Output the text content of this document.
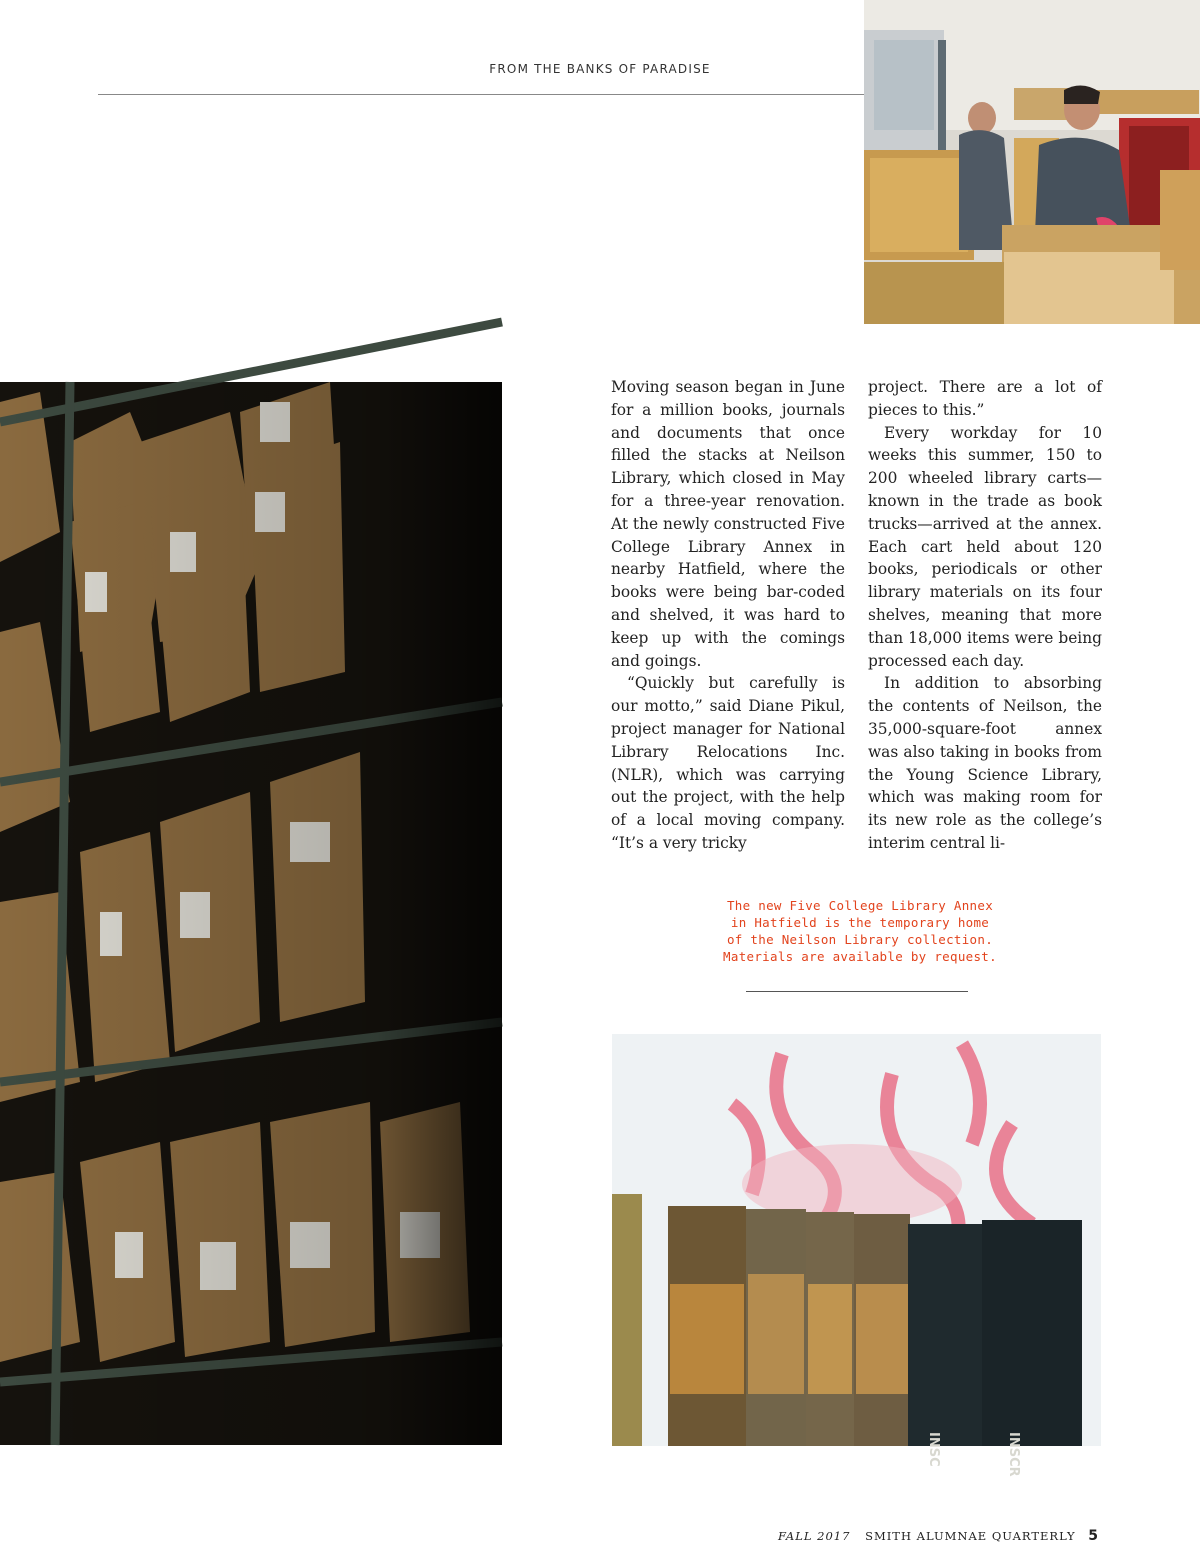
FROM THE BANKS OF PARADISE

Moving season began in June for a million books, journals and documents that once filled the stacks at Neilson Library, which closed in May for a three-year renovation. At the newly constructed Five College Library Annex in nearby Hatfield, where the books were being bar-coded and shelved, it was hard to keep up with the comings and goings.

“Quickly but carefully is our motto,” said Diane Pikul, project manager for National Library Relocations Inc. (NLR), which was carrying out the project, with the help of a local moving company. “It’s a very tricky

project. There are a lot of pieces to this.”

Every workday for 10 weeks this summer, 150 to 200 wheeled library carts—known in the trade as book trucks—arrived at the annex. Each cart held about 120 books, periodicals or other library materials on its four shelves, meaning that more than 18,000 items were being processed each day.

In addition to absorbing the contents of Neilson, the 35,000-square-foot annex was also taking in books from the Young Science Library, which was making room for its new role as the college’s interim central li-

The new Five College Library Annex
in Hatfield is the temporary home
of the Neilson Library collection.
Materials are available by request.
INSC	INSCR
FALL 2017 SMITH ALUMNAE QUARTERLY 5
